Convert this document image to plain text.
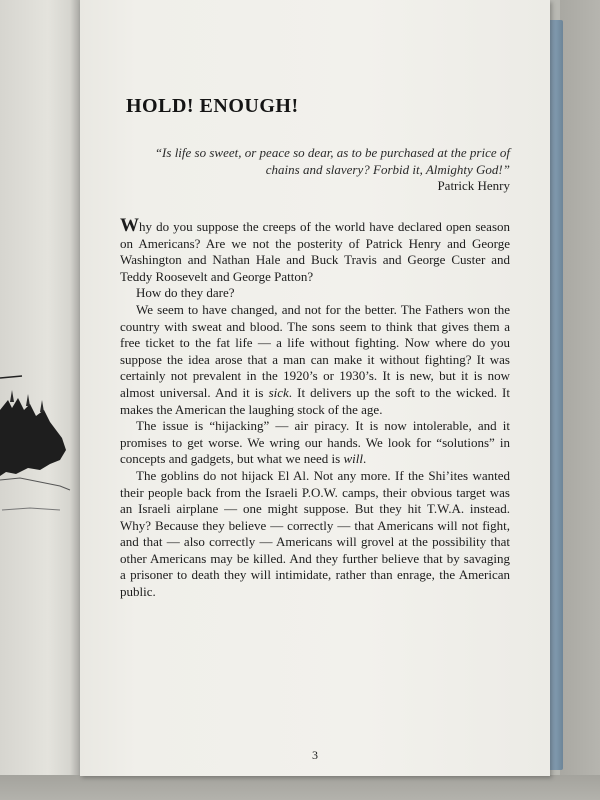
HOLD! ENOUGH!

“Is life so sweet, or peace so dear, as to be purchased at the price of chains and slavery? Forbid it, Almighty God!”

Patrick Henry

Why do you suppose the creeps of the world have declared open season on Americans? Are we not the posterity of Patrick Henry and George Washington and Nathan Hale and Buck Travis and George Custer and Teddy Roosevelt and George Patton?

How do they dare?

We seem to have changed, and not for the better. The Fathers won the country with sweat and blood. The sons seem to think that gives them a free ticket to the fat life — a life without fighting. Now where do you suppose the idea arose that a man can make it without fighting? It was certainly not prevalent in the 1920’s or 1930’s. It is new, but it is now almost universal. And it is sick. It delivers up the soft to the wicked. It makes the American the laughing stock of the age.

The issue is “hijacking” — air piracy. It is now intolerable, and it promises to get worse. We wring our hands. We look for “solutions” in concepts and gadgets, but what we need is will.

The goblins do not hijack El Al. Not any more. If the Shi’ites wanted their people back from the Israeli P.O.W. camps, their obvious target was an Israeli airplane — one might suppose. But they hit T.W.A. instead. Why? Because they believe — correctly — that Americans will not fight, and that — also correctly — Americans will grovel at the possibility that other Americans may be killed. And they further believe that by savaging a prisoner to death they will intimidate, rather than enrage, the American public.

3
